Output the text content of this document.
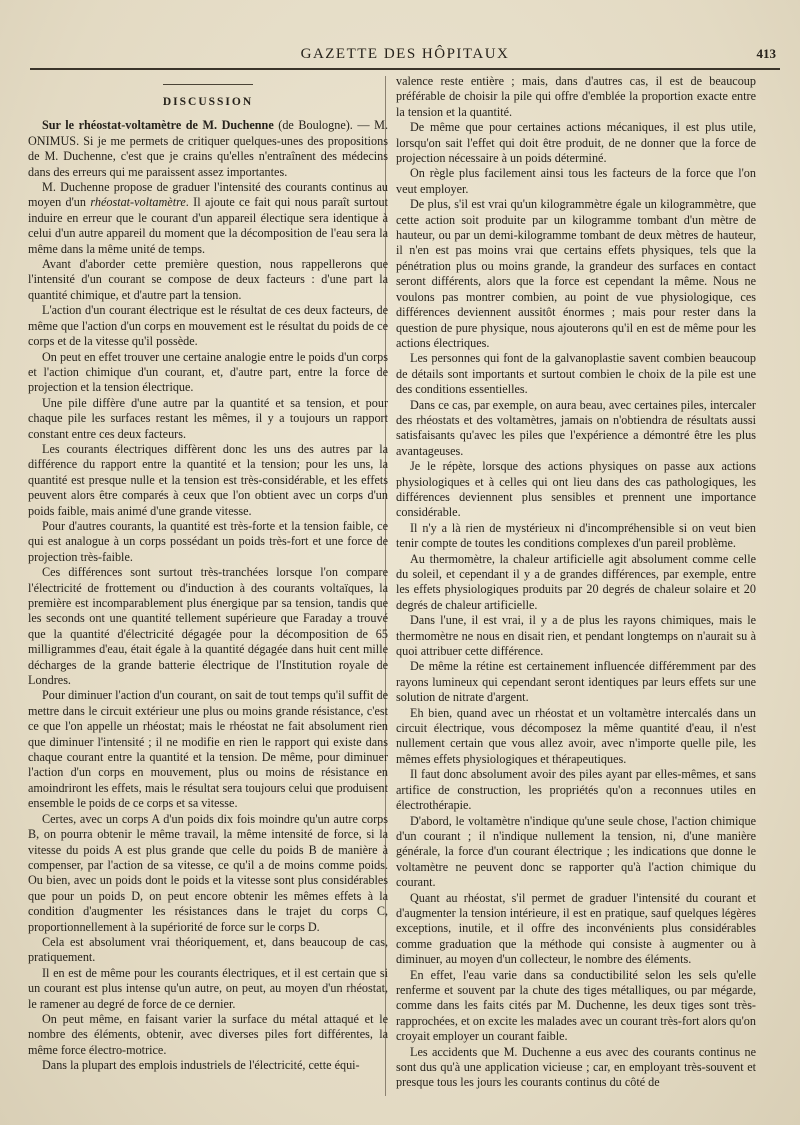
GAZETTE DES HÔPITAUX	413
DISCUSSION

Sur le rhéostat-voltamètre de M. Duchenne (de Boulogne). — M. ONIMUS. Si je me permets de critiquer quelques-unes des propositions de M. Duchenne, c'est que je crains qu'elles n'entraînent des médecins dans des erreurs qui me paraissent assez importantes.

M. Duchenne propose de graduer l'intensité des courants continus au moyen d'un rhéostat-voltamètre. Il ajoute ce fait qui nous paraît surtout induire en erreur que le courant d'un appareil électique sera identique à celui d'un autre appareil du moment que la décomposition de l'eau sera la même dans la même unité de temps.

Avant d'aborder cette première question, nous rappellerons que l'intensité d'un courant se compose de deux facteurs : d'une part la quantité chimique, et d'autre part la tension.

L'action d'un courant électrique est le résultat de ces deux facteurs, de même que l'action d'un corps en mouvement est le résultat du poids de ce corps et de la vitesse qu'il possède.

On peut en effet trouver une certaine analogie entre le poids d'un corps et l'action chimique d'un courant, et, d'autre part, entre la force de projection et la tension électrique.

Une pile diffère d'une autre par la quantité et sa tension, et pour chaque pile les surfaces restant les mêmes, il y a toujours un rapport constant entre ces deux facteurs.

Les courants électriques diffèrent donc les uns des autres par la différence du rapport entre la quantité et la tension; pour les uns, la quantité est presque nulle et la tension est très-considérable, et les effets peuvent alors être comparés à ceux que l'on obtient avec un corps d'un poids faible, mais animé d'une grande vitesse.

Pour d'autres courants, la quantité est très-forte et la tension faible, ce qui est analogue à un corps possédant un poids très-fort et une force de projection très-faible.

Ces différences sont surtout très-tranchées lorsque l'on compare l'électricité de frottement ou d'induction à des courants voltaïques, la première est incomparablement plus énergique par sa tension, tandis que les seconds ont une quantité tellement supérieure que Faraday a trouvé que la quantité d'électricité dégagée pour la décomposition de 65 milligrammes d'eau, était égale à la quantité dégagée dans huit cent mille décharges de la grande batterie électrique de l'Institution royale de Londres.

Pour diminuer l'action d'un courant, on sait de tout temps qu'il suffit de mettre dans le circuit extérieur une plus ou moins grande résistance, c'est ce que l'on appelle un rhéostat; mais le rhéostat ne fait absolument rien que diminuer l'intensité ; il ne modifie en rien le rapport qui existe dans chaque courant entre la quantité et la tension. De même, pour diminuer l'action d'un corps en mouvement, plus ou moins de résistance en amoindriront les effets, mais le résultat sera toujours celui que produisent ensemble le poids de ce corps et sa vitesse.

Certes, avec un corps A d'un poids dix fois moindre qu'un autre corps B, on pourra obtenir le même travail, la même intensité de force, si la vitesse du poids A est plus grande que celle du poids B de manière à compenser, par l'action de sa vitesse, ce qu'il a de moins comme poids. Ou bien, avec un poids dont le poids et la vitesse sont plus considérables que pour un poids D, on peut encore obtenir les mêmes effets à la condition d'augmenter les résistances dans le trajet du corps C, proportionnellement à la supériorité de force sur le corps D.

Cela est absolument vrai théoriquement, et, dans beaucoup de cas, pratiquement.

Il en est de même pour les courants électriques, et il est certain que si un courant est plus intense qu'un autre, on peut, au moyen d'un rhéostat, le ramener au degré de force de ce dernier.

On peut même, en faisant varier la surface du métal attaqué et le nombre des éléments, obtenir, avec diverses piles fort différentes, la même force électro-motrice.

Dans la plupart des emplois industriels de l'électricité, cette équi-

valence reste entière ; mais, dans d'autres cas, il est de beaucoup préférable de choisir la pile qui offre d'emblée la proportion exacte entre la tension et la quantité.

De même que pour certaines actions mécaniques, il est plus utile, lorsqu'on sait l'effet qui doit être produit, de ne donner que la force de projection nécessaire à un poids déterminé.

On règle plus facilement ainsi tous les facteurs de la force que l'on veut employer.

De plus, s'il est vrai qu'un kilogrammètre égale un kilogrammètre, que cette action soit produite par un kilogramme tombant d'un mètre de hauteur, ou par un demi-kilogramme tombant de deux mètres de hauteur, il n'en est pas moins vrai que certains effets physiques, tels que la pénétration plus ou moins grande, la grandeur des surfaces en contact seront différents, alors que la force est cependant la même. Nous ne voulons pas montrer combien, au point de vue physiologique, ces différences deviennent aussitôt énormes ; mais pour rester dans la question de pure physique, nous ajouterons qu'il en est de même pour les actions électriques.

Les personnes qui font de la galvanoplastie savent combien beaucoup de détails sont importants et surtout combien le choix de la pile est une des conditions essentielles.

Dans ce cas, par exemple, on aura beau, avec certaines piles, intercaler des rhéostats et des voltamètres, jamais on n'obtiendra de résultats aussi satisfaisants qu'avec les piles que l'expérience a démontré être les plus avantageuses.

Je le répète, lorsque des actions physiques on passe aux actions physiologiques et à celles qui ont lieu dans des cas pathologiques, les différences deviennent plus sensibles et prennent une importance considérable.

Il n'y a là rien de mystérieux ni d'incompréhensible si on veut bien tenir compte de toutes les conditions complexes d'un pareil problème.

Au thermomètre, la chaleur artificielle agit absolument comme celle du soleil, et cependant il y a de grandes différences, par exemple, entre les effets physiologiques produits par 20 degrés de chaleur solaire et 20 degrés de chaleur artificielle.

Dans l'une, il est vrai, il y a de plus les rayons chimiques, mais le thermomètre ne nous en disait rien, et pendant longtemps on n'aurait su à quoi attribuer cette différence.

De même la rétine est certainement influencée différemment par des rayons lumineux qui cependant seront identiques par leurs effets sur une solution de nitrate d'argent.

Eh bien, quand avec un rhéostat et un voltamètre intercalés dans un circuit électrique, vous décomposez la même quantité d'eau, il n'est nullement certain que vous allez avoir, avec n'importe quelle pile, les mêmes effets physiologiques et thérapeutiques.

Il faut donc absolument avoir des piles ayant par elles-mêmes, et sans artifice de construction, les propriétés qu'on a reconnues utiles en électrothérapie.

D'abord, le voltamètre n'indique qu'une seule chose, l'action chimique d'un courant ; il n'indique nullement la tension, ni, d'une manière générale, la force d'un courant électrique ; les indications que donne le voltamètre ne peuvent donc se rapporter qu'à l'action chimique du courant.

Quant au rhéostat, s'il permet de graduer l'intensité du courant et d'augmenter la tension intérieure, il est en pratique, sauf quelques légères exceptions, inutile, et il offre des inconvénients plus considérables comme graduation que la méthode qui consiste à augmenter ou à diminuer, au moyen d'un collecteur, le nombre des éléments.

En effet, l'eau varie dans sa conductibilité selon les sels qu'elle renferme et souvent par la chute des tiges métalliques, ou par mégarde, comme dans les faits cités par M. Duchenne, les deux tiges sont très-rapprochées, et on excite les malades avec un courant très-fort alors qu'on croyait employer un courant faible.

Les accidents que M. Duchenne a eus avec des courants continus ne sont dus qu'à une application vicieuse ; car, en employant très-souvent et presque tous les jours les courants continus du côté de
